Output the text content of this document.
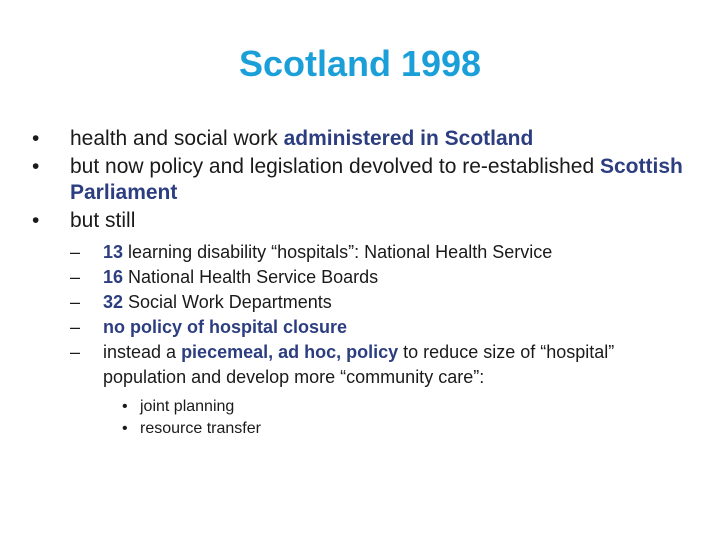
Scotland 1998
•	health and social work administered in Scotland
•	but now policy and legislation devolved to re-established Scottish Parliament
•	but still
– 13 learning disability “hospitals”: National Health Service
– 16 National Health Service Boards
– 32 Social Work Departments
– no policy of hospital closure
– instead a piecemeal, ad hoc, policy to reduce size of “hospital” population and develop more “community care”:
• joint planning
• resource transfer
